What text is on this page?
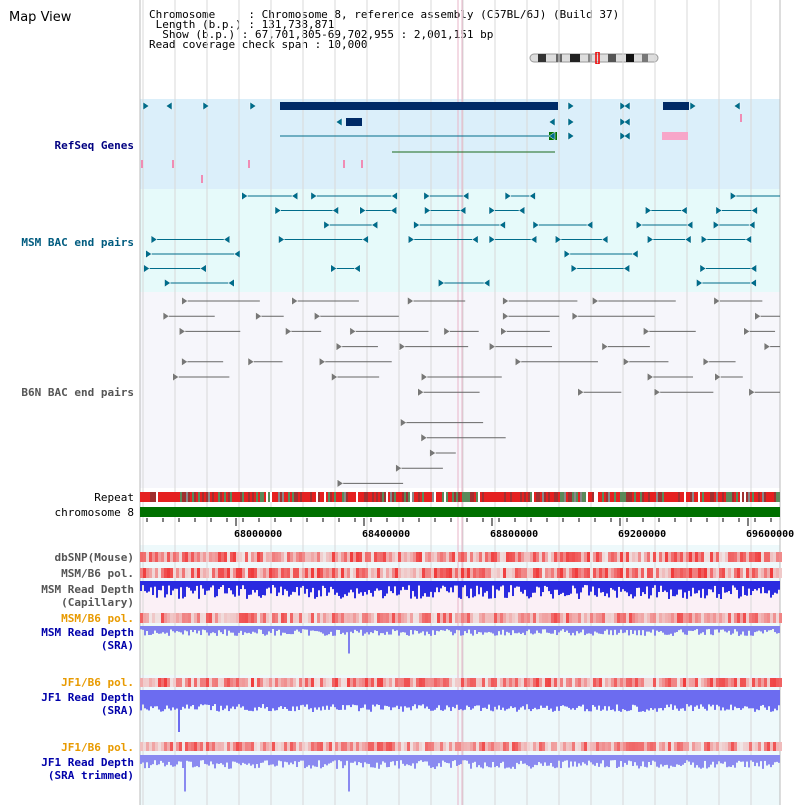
Map View	Chromosome     : Chromosome 8, reference assembly (C57BL/6J) (Build 37)
Length (b.p.) : 131,738,871
Show (b.p.) : 67,701,805-69,702,955 : 2,001,151 bp
Read coverage check span : 10,000
RefSeq Genes
MSM BAC end pairs
B6N BAC end pairs
Repeat
chromosome 8
dbSNP(Mouse)
MSM/B6 pol.
MSM Read Depth
(Capillary)
MSM/B6 pol.
MSM Read Depth
(SRA)
JF1/B6 pol.
JF1 Read Depth
(SRA)
JF1/B6 pol.
JF1 Read Depth
(SRA trimmed)
68000000	68400000	68800000	69200000	69600000
